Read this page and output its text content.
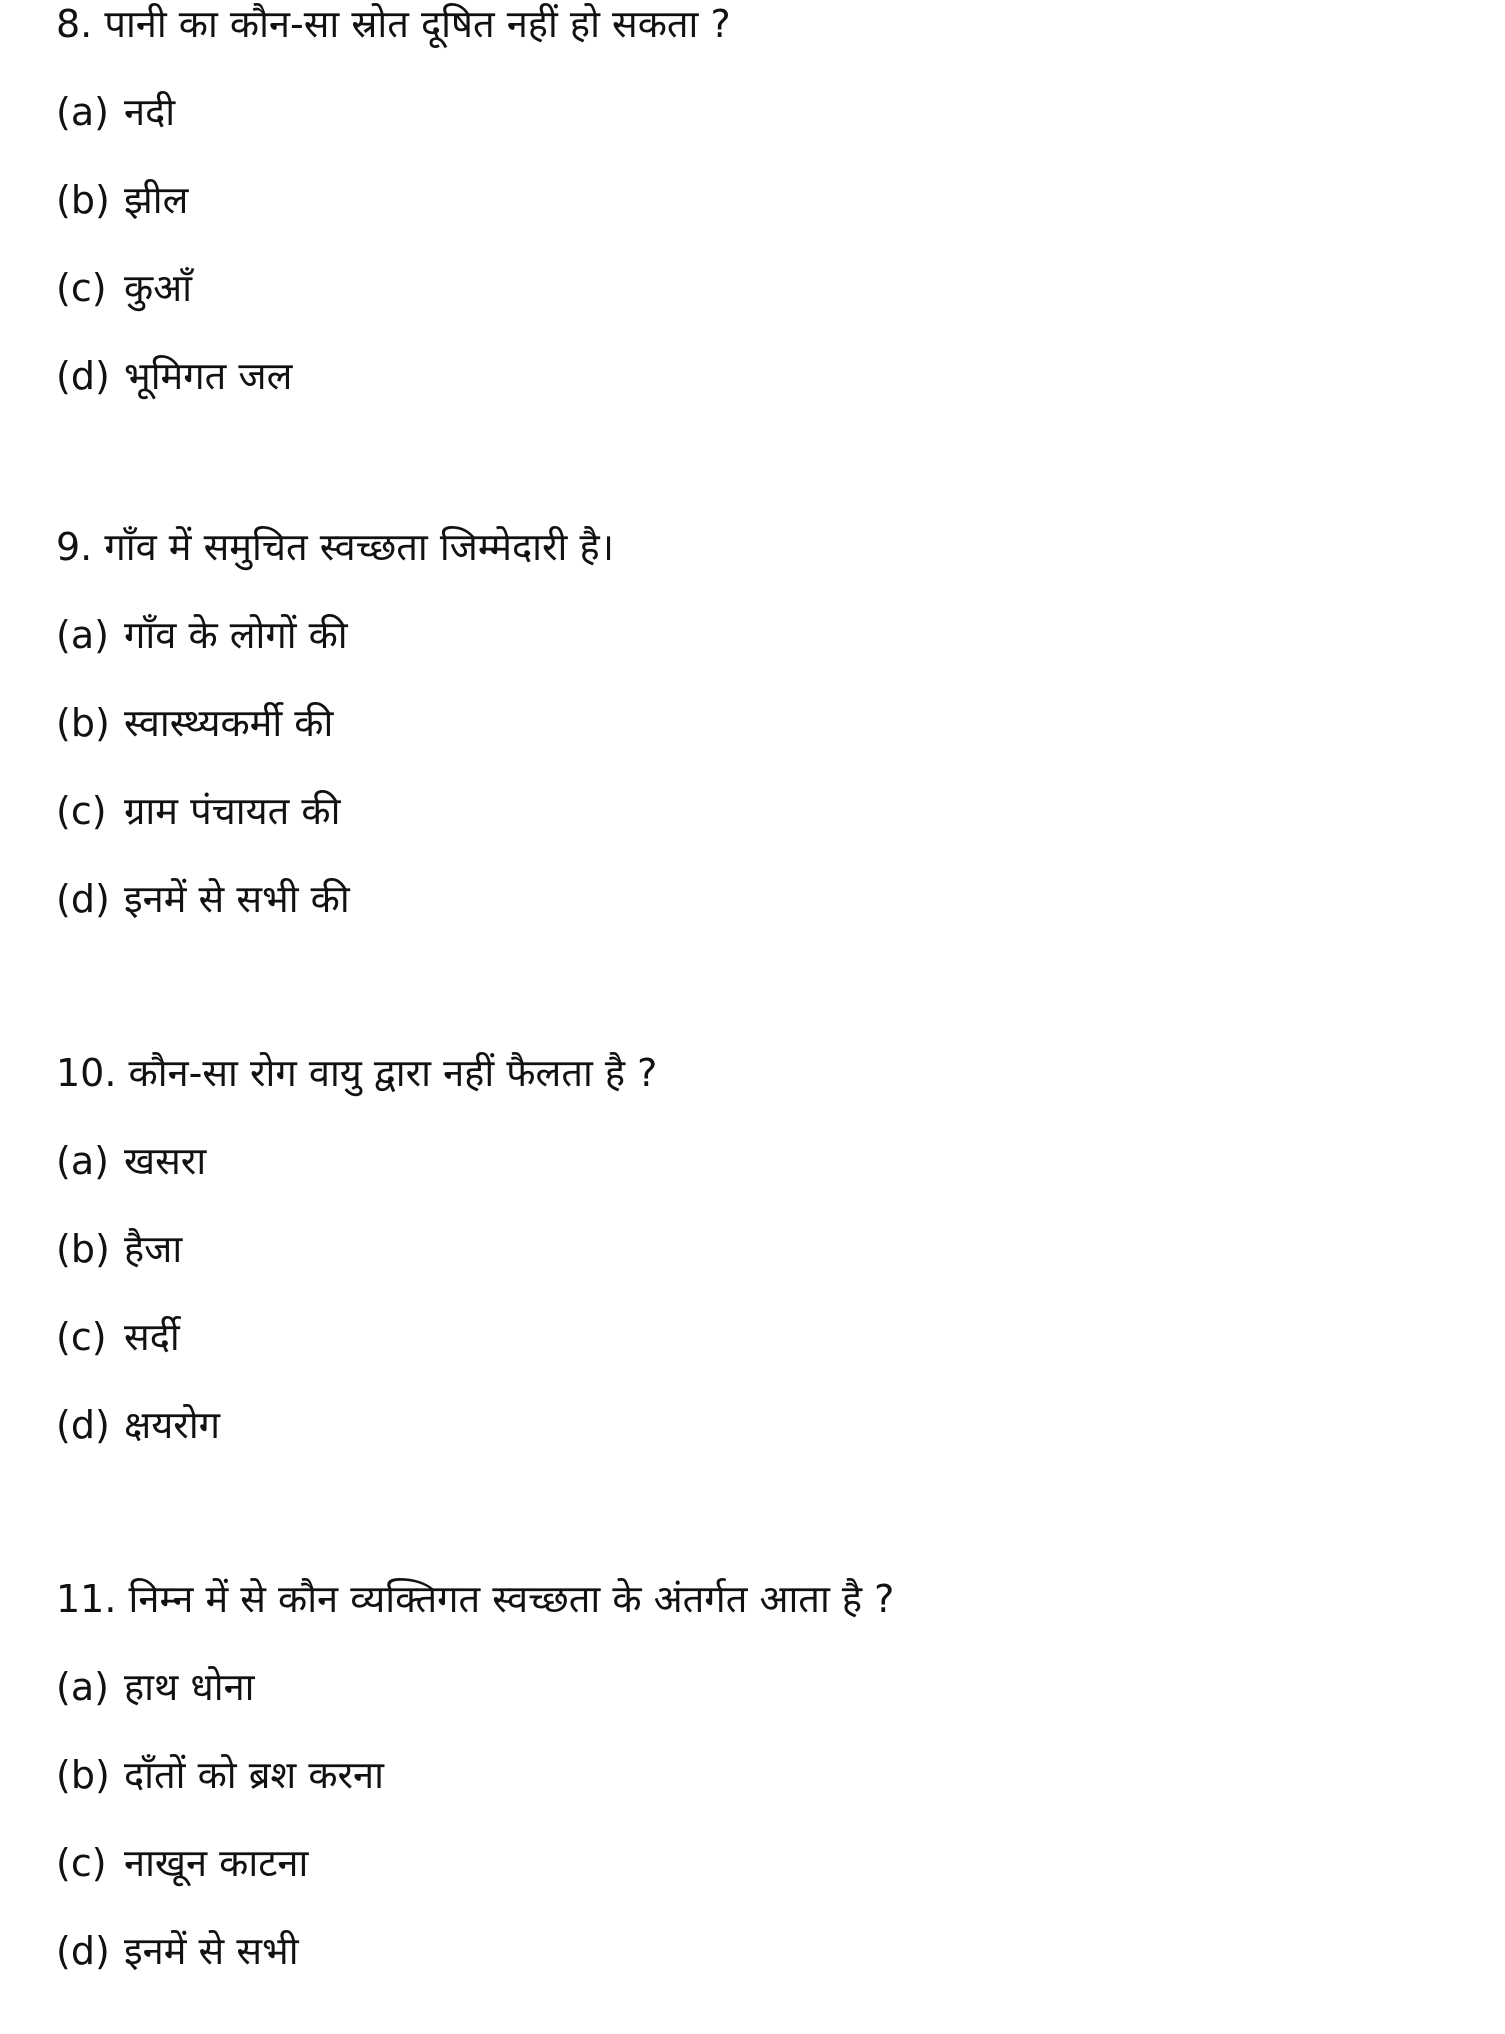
8. पानी का कौन-सा स्रोत दूषित नहीं हो सकता ?

(a) नदी
(b) झील
(c) कुआँ
(d) भूमिगत जल

9. गाँव में समुचित स्वच्छता जिम्मेदारी है।

(a) गाँव के लोगों की
(b) स्वास्थ्यकर्मी की
(c) ग्राम पंचायत की
(d) इनमें से सभी की

10. कौन-सा रोग वायु द्वारा नहीं फैलता है ?

(a) खसरा
(b) हैजा
(c) सर्दी
(d) क्षयरोग

11. निम्न में से कौन व्यक्तिगत स्वच्छता के अंतर्गत आता है ?

(a) हाथ धोना
(b) दाँतों को ब्रश करना
(c) नाखून काटना
(d) इनमें से सभी
